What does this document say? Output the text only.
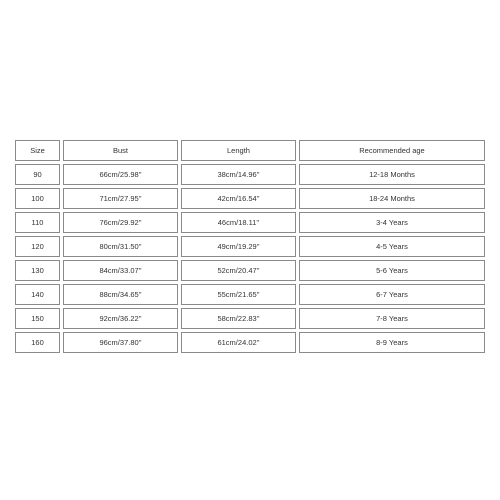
Size	Bust	Length	Recommended age
90	66cm/25.98''	38cm/14.96''	12-18 Months
100	71cm/27.95''	42cm/16.54''	18-24 Months
110	76cm/29.92''	46cm/18.11''	3-4 Years
120	80cm/31.50''	49cm/19.29''	4-5 Years
130	84cm/33.07''	52cm/20.47''	5-6 Years
140	88cm/34.65''	55cm/21.65''	6-7 Years
150	92cm/36.22''	58cm/22.83''	7-8 Years
160	96cm/37.80''	61cm/24.02''	8-9 Years
